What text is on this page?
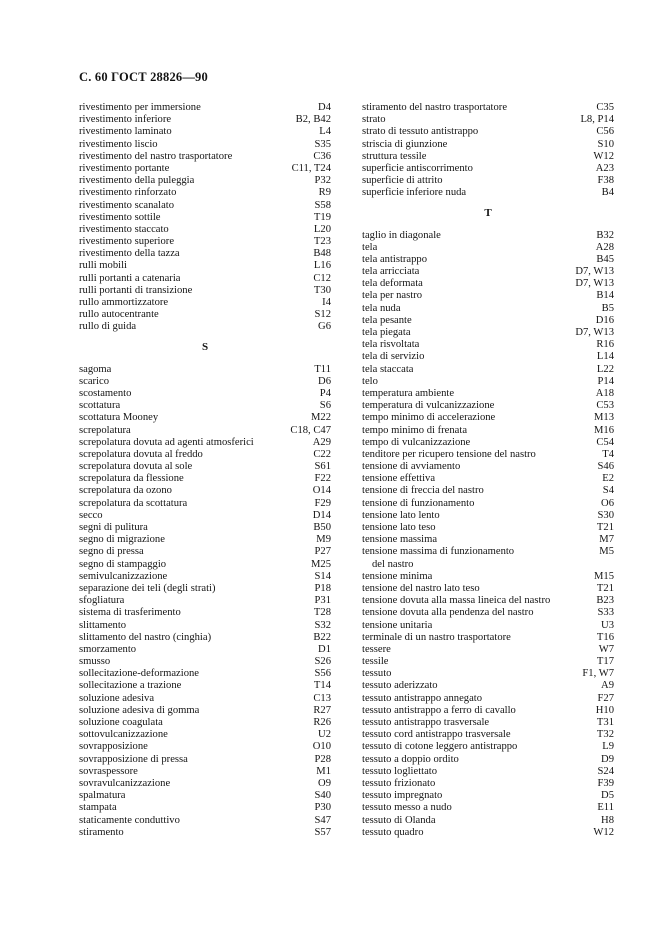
С. 60 ГОСТ 28826—90
rivestimento per immersione	D4
rivestimento inferiore	B2, B42
rivestimento laminato	L4
rivestimento liscio	S35
rivestimento del nastro trasportatore	C36
rivestimento portante	C11, T24
rivestimento della puleggia	P32
rivestimento rinforzato	R9
rivestimento scanalato	S58
rivestimento sottile	T19
rivestimento staccato	L20
rivestimento superiore	T23
rivestimento della tazza	B48
rulli mobili	L16
rulli portanti a catenaria	C12
rulli portanti di transizione	T30
rullo ammortizzatore	I4
rullo autocentrante	S12
rullo di guida	G6
S
sagoma	T11
scarico	D6
scostamento	P4
scottatura	S6
scottatura Mooney	M22
screpolatura	C18, C47
screpolatura dovuta ad agenti atmosferici	A29
screpolatura dovuta al freddo	C22
screpolatura dovuta al sole	S61
screpolatura da flessione	F22
screpolatura da ozono	O14
screpolatura da scottatura	F29
secco	D14
segni di pulitura	B50
segno di migrazione	M9
segno di pressa	P27
segno di stampaggio	M25
semivulcanizzazione	S14
separazione dei teli (degli strati)	P18
sfogliatura	P31
sistema di trasferimento	T28
slittamento	S32
slittamento del nastro (cinghia)	B22
smorzamento	D1
smusso	S26
sollecitazione-deformazione	S56
sollecitazione a trazione	T14
soluzione adesiva	C13
soluzione adesiva di gomma	R27
soluzione coagulata	R26
sottovulcanizzazione	U2
sovrapposizione	O10
sovrapposizione di pressa	P28
sovraspessore	M1
sovravulcanizzazione	O9
spalmatura	S40
stampata	P30
staticamente conduttivo	S47
stiramento	S57
stiramento del nastro trasportatore	C35
strato	L8, P14
strato di tessuto antistrappo	C56
striscia di giunzione	S10
struttura tessile	W12
superficie antiscorrimento	A23
superficie di attrito	F38
superficie inferiore nuda	B4
T
taglio in diagonale	B32
tela	A28
tela antistrappo	B45
tela arricciata	D7, W13
tela deformata	D7, W13
tela per nastro	B14
tela nuda	B5
tela pesante	D16
tela piegata	D7, W13
tela risvoltata	R16
tela di servizio	L14
tela staccata	L22
telo	P14
temperatura ambiente	A18
temperatura di vulcanizzazione	C53
tempo minimo di accelerazione	M13
tempo minimo di frenata	M16
tempo di vulcanizzazione	C54
tenditore per ricupero tensione del nastro	T4
tensione di avviamento	S46
tensione effettiva	E2
tensione di freccia del nastro	S4
tensione di funzionamento	O6
tensione lato lento	S30
tensione lato teso	T21
tensione massima	M7
tensione massima di funzionamento	M5
del nastro
tensione minima	M15
tensione del nastro lato teso	T21
tensione dovuta alla massa lineica del nastro	B23
tensione dovuta alla pendenza del nastro	S33
tensione unitaria	U3
terminale di un nastro trasportatore	T16
tessere	W7
tessile	T17
tessuto	F1, W7
tessuto aderizzato	A9
tessuto antistrappo annegato	F27
tessuto antistrappo a ferro di cavallo	H10
tessuto antistrappo trasversale	T31
tessuto cord antistrappo trasversale	T32
tessuto di cotone leggero antistrappo	L9
tessuto a doppio ordito	D9
tessuto logliettato	S24
tessuto frizionato	F39
tessuto impregnato	D5
tessuto messo a nudo	E11
tessuto di Olanda	H8
tessuto quadro	W12
